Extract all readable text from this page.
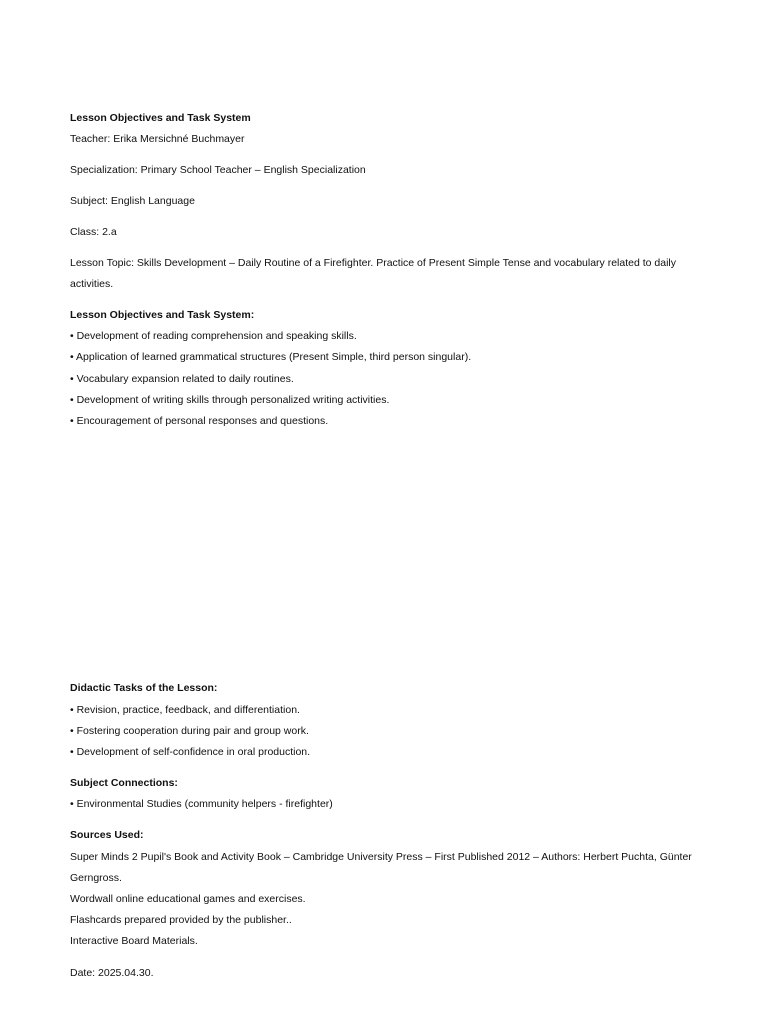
Lesson Objectives and Task System
Teacher: Erika Mersichné Buchmayer
Specialization: Primary School Teacher – English Specialization
Subject: English Language
Class: 2.a
Lesson Topic: Skills Development – Daily Routine of a Firefighter. Practice of Present Simple Tense and vocabulary related to daily
activities.
Lesson Objectives and Task System:
• Development of reading comprehension and speaking skills.
• Application of learned grammatical structures (Present Simple, third person singular).
• Vocabulary expansion related to daily routines.
• Development of writing skills through personalized writing activities.
• Encouragement of personal responses and questions.
Didactic Tasks of the Lesson:
• Revision, practice, feedback, and differentiation.
• Fostering cooperation during pair and group work.
• Development of self-confidence in oral production.
Subject Connections:
• Environmental Studies (community helpers - firefighter)
Sources Used:
Super Minds 2 Pupil's Book and Activity Book – Cambridge University Press – First Published 2012 – Authors: Herbert Puchta, Günter
Gerngross.
Wordwall online educational games and exercises.
Flashcards prepared provided by the publisher..
Interactive Board Materials.
Date: 2025.04.30.
